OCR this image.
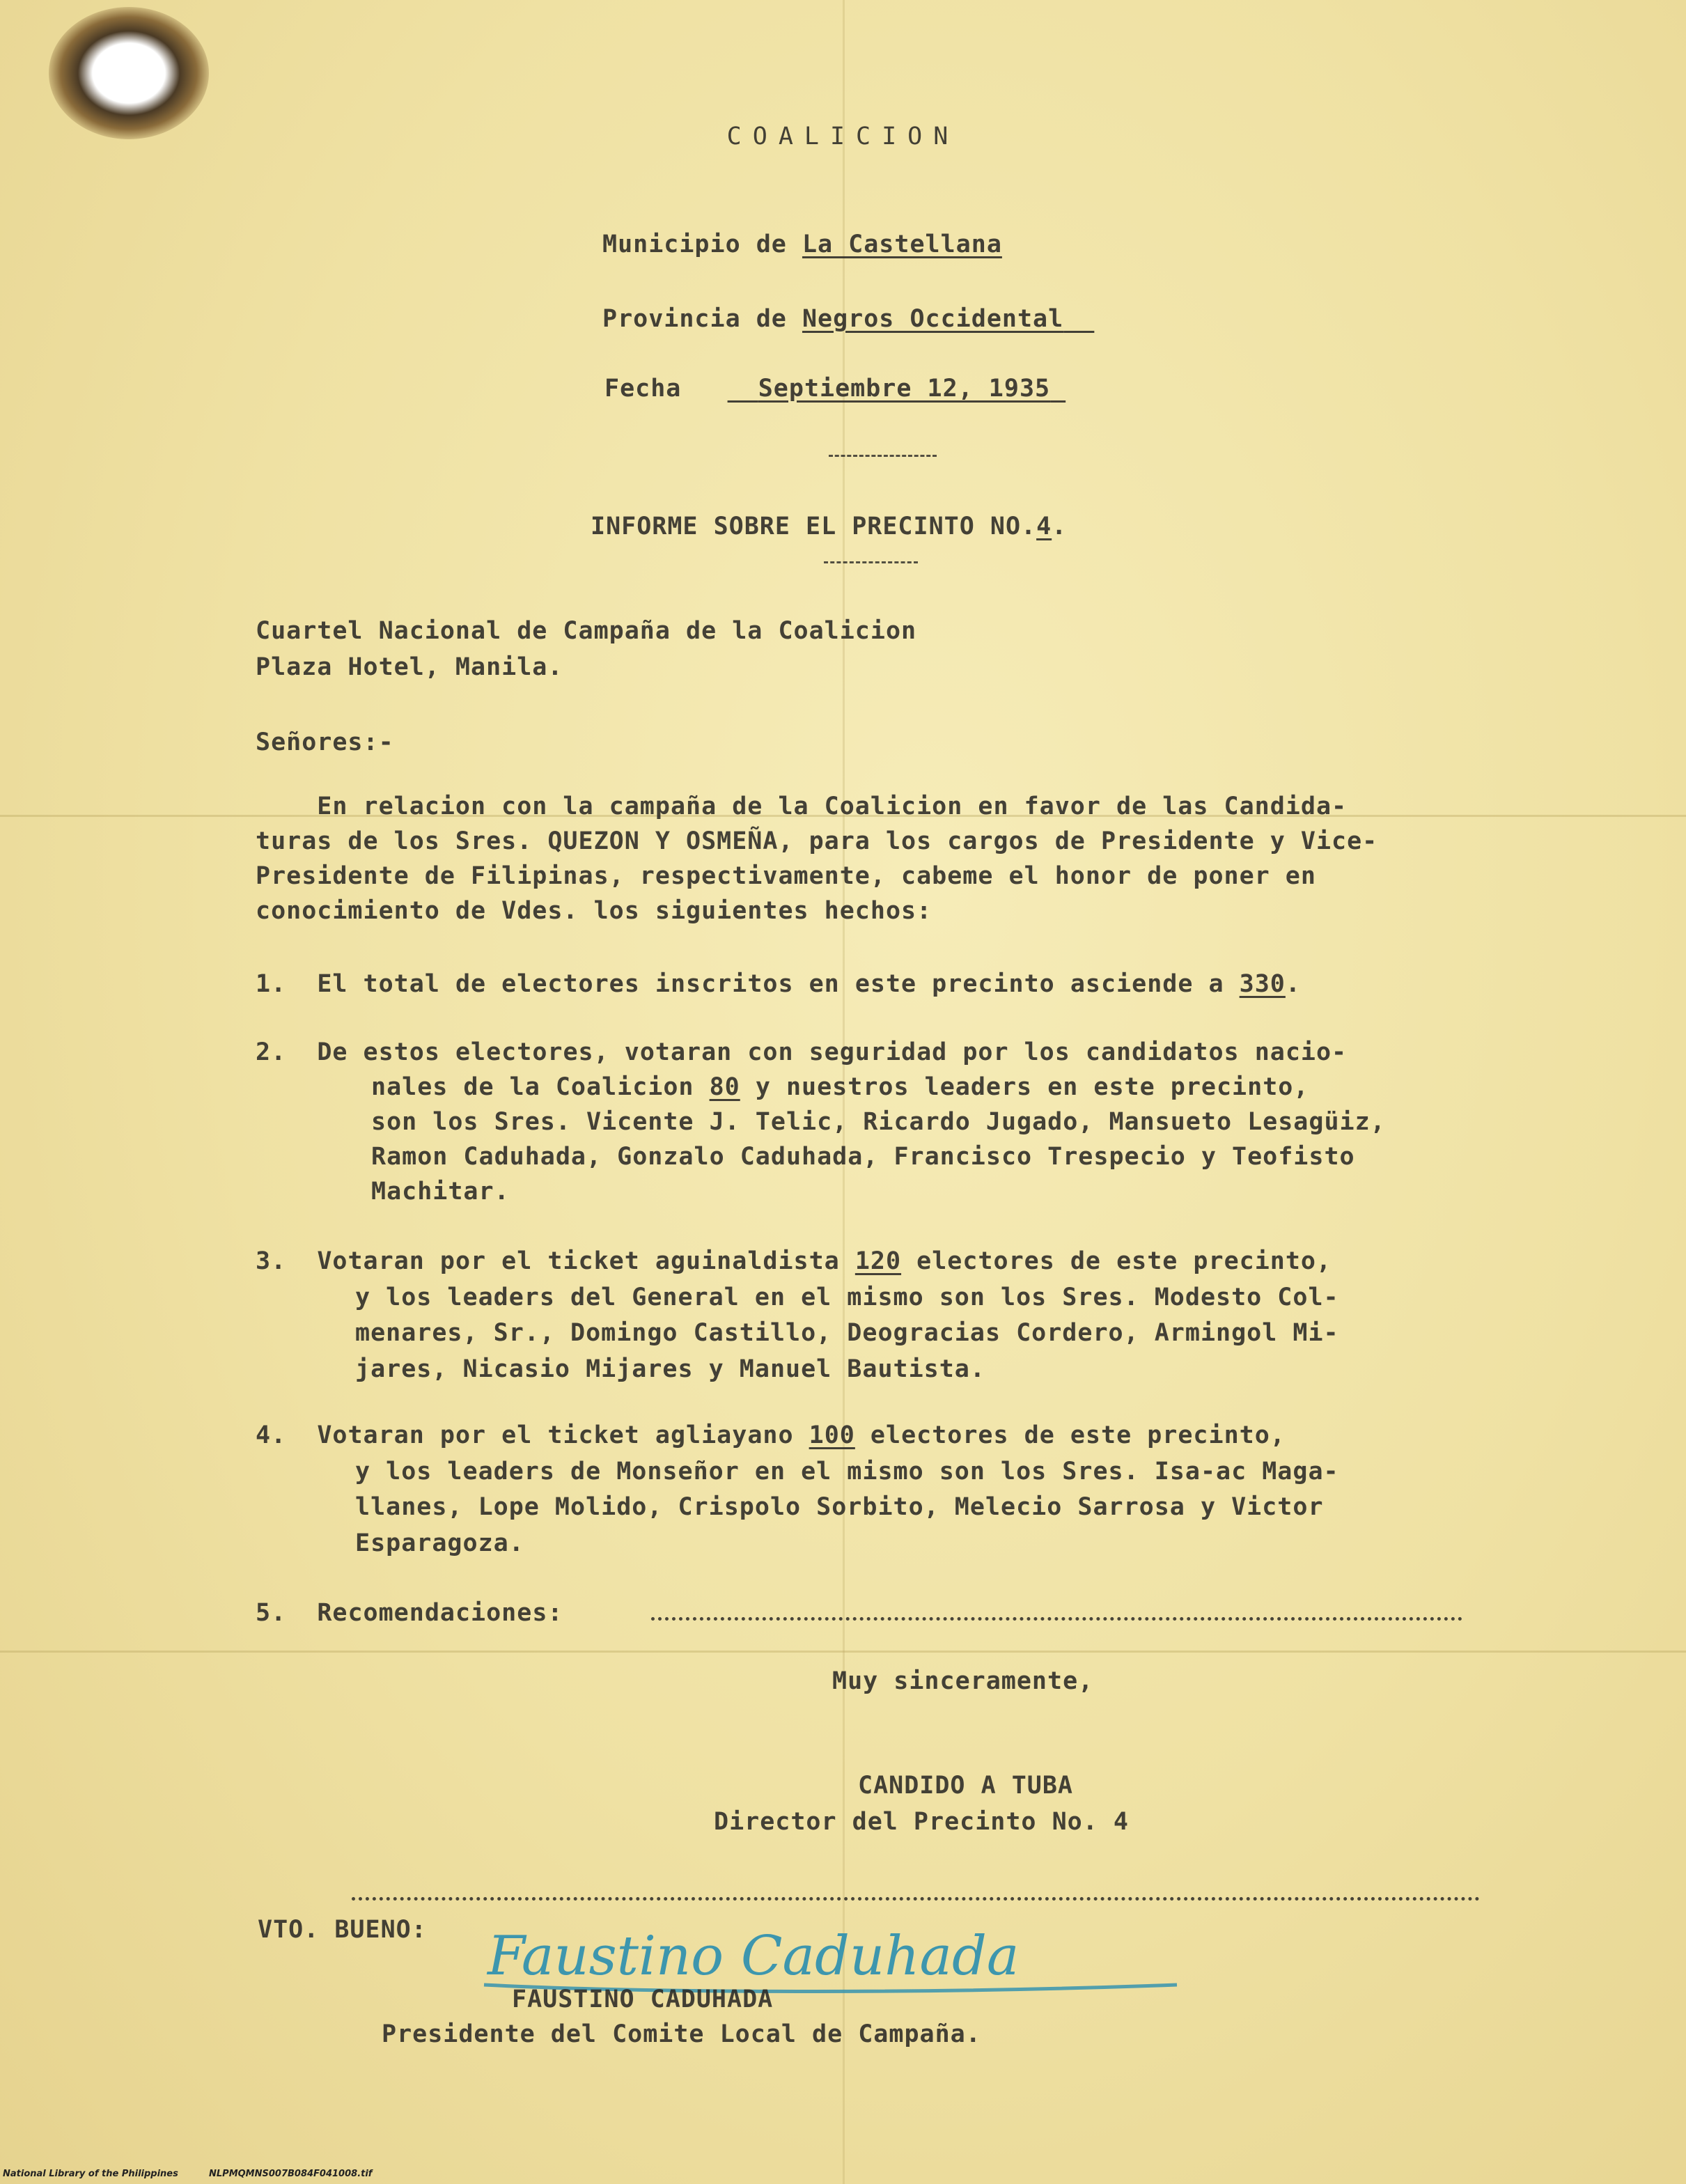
COALICION
Municipio de La Castellana
Provincia de Negros Occidental
Fecha	Septiembre 12, 1935
INFORME SOBRE EL PRECINTO NO.4.
Cuartel Nacional de Campaña de la Coalicion
Plaza Hotel, Manila.
Señores:-
En relacion con la campaña de la Coalicion en favor de las Candida-
turas de los Sres. QUEZON Y OSMEÑA, para los cargos de Presidente y Vice-
Presidente de Filipinas, respectivamente, cabeme el honor de poner en
conocimiento de Vdes. los siguientes hechos:
1. El total de electores inscritos en este precinto asciende a 330.
2. De estos electores, votaran con seguridad por los candidatos nacio-
nales de la Coalicion 80 y nuestros leaders en este precinto,
son los Sres. Vicente J. Telic, Ricardo Jugado, Mansueto Lesagüiz,
Ramon Caduhada, Gonzalo Caduhada, Francisco Trespecio y Teofisto
Machitar.
3. Votaran por el ticket aguinaldista 120 electores de este precinto,
y los leaders del General en el mismo son los Sres. Modesto Col-
menares, Sr., Domingo Castillo, Deogracias Cordero, Armingol Mi-
jares, Nicasio Mijares y Manuel Bautista.
4. Votaran por el ticket agliayano 100 electores de este precinto,
y los leaders de Monseñor en el mismo son los Sres. Isa-ac Maga-
llanes, Lope Molido, Crispolo Sorbito, Melecio Sarrosa y Victor
Esparagoza.
5. Recomendaciones:
Muy sinceramente,
CANDIDO A TUBA
Director del Precinto No. 4
VTO. BUENO: Faustino Caduhada
FAUSTINO CADUHADA
Presidente del Comite Local de Campaña.
National Library of the Philippines	NLPMQMNS007B084F041008.tif
